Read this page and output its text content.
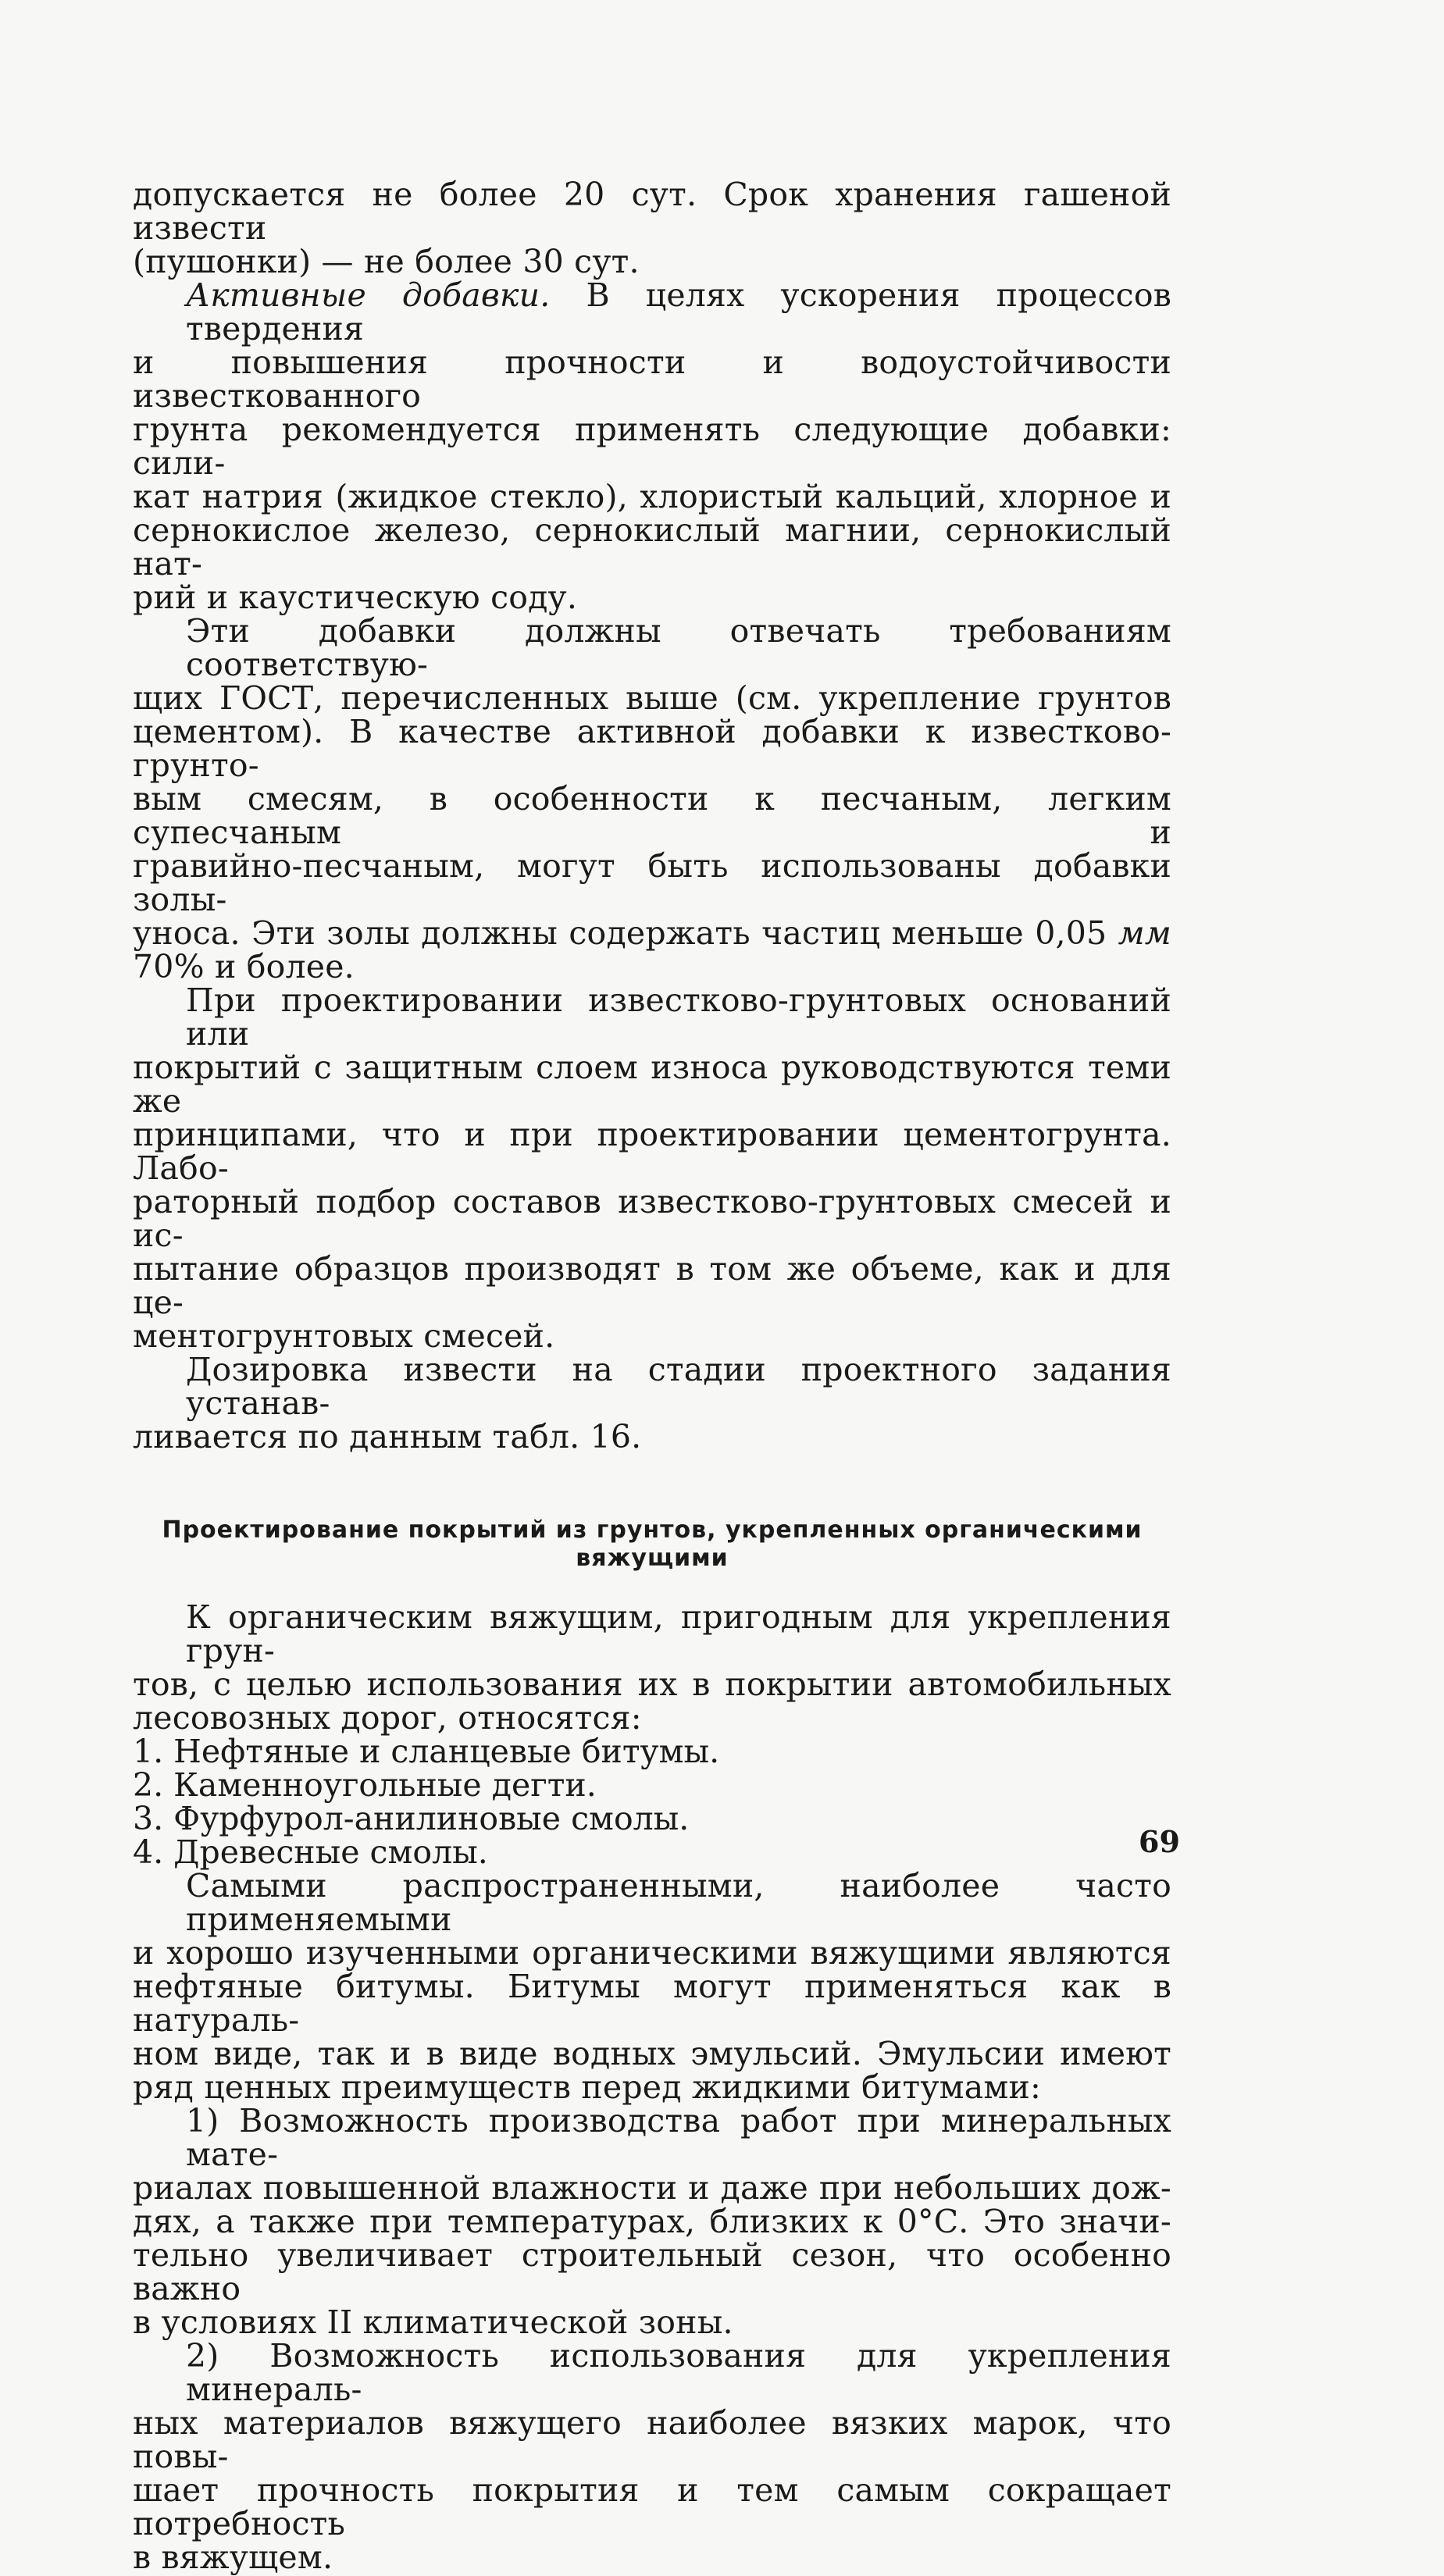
допускается не более 20 сут. Срок хранения гашеной извести
(пушонки) — не более 30 сут.
Активные добавки. В целях ускорения процессов твердения
и повышения прочности и водоустойчивости известкованного
грунта рекомендуется применять следующие добавки: сили-
кат натрия (жидкое стекло), хлористый кальций, хлорное и
сернокислое железо, сернокислый магнии, сернокислый нат-
рий и каустическую соду.
Эти добавки должны отвечать требованиям соответствую-
щих ГОСТ, перечисленных выше (см. укрепление грунтов
цементом). В качестве активной добавки к известково-грунто-
вым смесям, в особенности к песчаным, легким супесчаным и
гравийно-песчаным, могут быть использованы добавки золы-
уноса. Эти золы должны содержать частиц меньше 0,05 мм
70% и более.
При проектировании известково-грунтовых оснований или
покрытий с защитным слоем износа руководствуются теми же
принципами, что и при проектировании цементогрунта. Лабо-
раторный подбор составов известково-грунтовых смесей и ис-
пытание образцов производят в том же объеме, как и для це-
ментогрунтовых смесей.
Дозировка извести на стадии проектного задания устанав-
ливается по данным табл. 16.
Проектирование покрытий из грунтов, укрепленных органическими
вяжущими
К органическим вяжущим, пригодным для укрепления грун-
тов, с целью использования их в покрытии автомобильных
лесовозных дорог, относятся:
1. Нефтяные и сланцевые битумы.
2. Каменноугольные дегти.
3. Фурфурол-анилиновые смолы.
4. Древесные смолы.
Самыми распространенными, наиболее часто применяемыми
и хорошо изученными органическими вяжущими являются
нефтяные битумы. Битумы могут применяться как в натураль-
ном виде, так и в виде водных эмульсий. Эмульсии имеют
ряд ценных преимуществ перед жидкими битумами:
1) Возможность производства работ при минеральных мате-
риалах повышенной влажности и даже при небольших дож-
дях, а также при температурах, близких к 0°С. Это значи-
тельно увеличивает строительный сезон, что особенно важно
в условиях II климатической зоны.
2) Возможность использования для укрепления минераль-
ных материалов вяжущего наиболее вязких марок, что повы-
шает прочность покрытия и тем самым сокращает потребность
в вяжущем.
69
